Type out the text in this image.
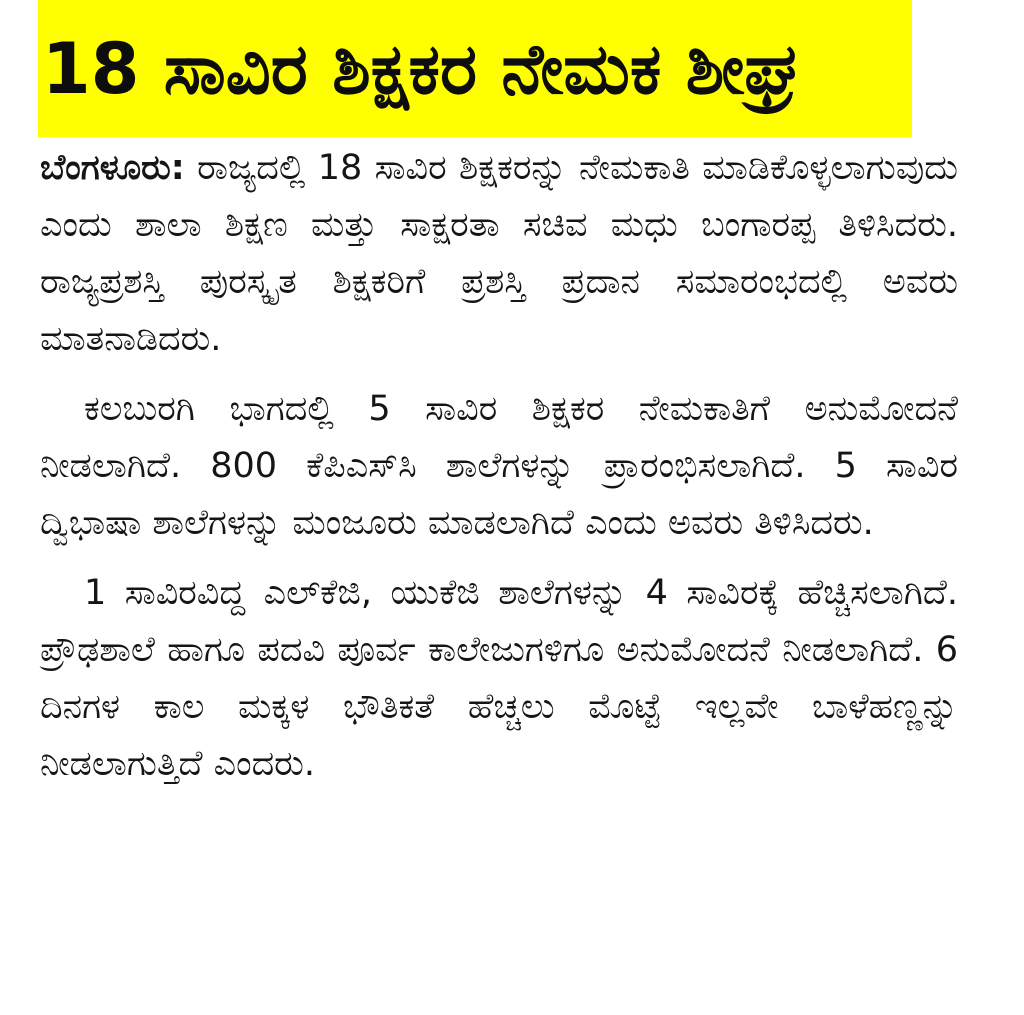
18 ಸಾವಿರ ಶಿಕ್ಷಕರ ನೇಮಕ ಶೀಘ್ರ

ಬೆಂಗಳೂರು: ರಾಜ್ಯದಲ್ಲಿ 18 ಸಾವಿರ ಶಿಕ್ಷಕರನ್ನು ನೇಮಕಾತಿ ಮಾಡಿಕೊಳ್ಳಲಾಗುವುದು ಎಂದು ಶಾಲಾ ಶಿಕ್ಷಣ ಮತ್ತು ಸಾಕ್ಷರತಾ ಸಚಿವ ಮಧು ಬಂಗಾರಪ್ಪ ತಿಳಿಸಿದರು. ರಾಜ್ಯಪ್ರಶಸ್ತಿ ಪುರಸ್ಕೃತ ಶಿಕ್ಷಕರಿಗೆ ಪ್ರಶಸ್ತಿ ಪ್ರದಾನ ಸಮಾರಂಭದಲ್ಲಿ ಅವರು ಮಾತನಾಡಿದರು.

ಕಲಬುರಗಿ ಭಾಗದಲ್ಲಿ 5 ಸಾವಿರ ಶಿಕ್ಷಕರ ನೇಮಕಾತಿಗೆ ಅನುಮೋದನೆ ನೀಡಲಾಗಿದೆ. 800 ಕೆಪಿಎಸ್‌ಸಿ ಶಾಲೆಗಳನ್ನು ಪ್ರಾರಂಭಿಸಲಾಗಿದೆ. 5 ಸಾವಿರ ದ್ವಿಭಾಷಾ ಶಾಲೆಗಳನ್ನು ಮಂಜೂರು ಮಾಡಲಾಗಿದೆ ಎಂದು ಅವರು ತಿಳಿಸಿದರು.

1 ಸಾವಿರವಿದ್ದ ಎಲ್‌ಕೆಜಿ, ಯುಕೆಜಿ ಶಾಲೆಗಳನ್ನು 4 ಸಾವಿರಕ್ಕೆ ಹೆಚ್ಚಿಸಲಾಗಿದೆ. ಪ್ರೌಢಶಾಲೆ ಹಾಗೂ ಪದವಿ ಪೂರ್ವ ಕಾಲೇಜುಗಳಿಗೂ ಅನುಮೋದನೆ ನೀಡಲಾಗಿದೆ. 6 ದಿನಗಳ ಕಾಲ ಮಕ್ಕಳ ಭೌತಿಕತೆ ಹೆಚ್ಚಲು ಮೊಟ್ಟೆ ಇಲ್ಲವೇ ಬಾಳೆಹಣ್ಣನ್ನು ನೀಡಲಾಗುತ್ತಿದೆ ಎಂದರು.
